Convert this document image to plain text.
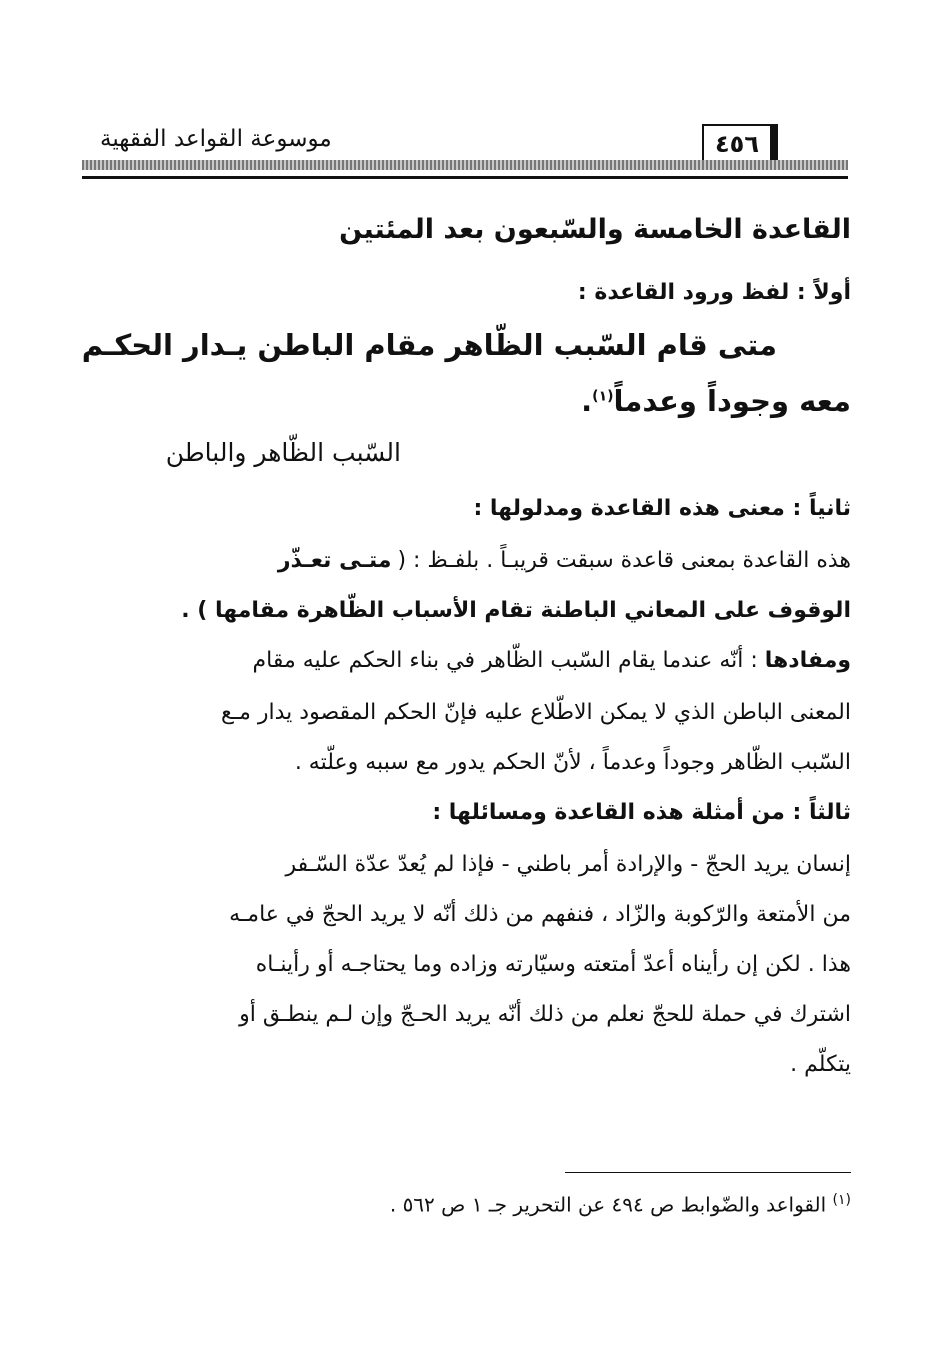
٤٥٦
موسوعة القواعد الفقهية
القاعدة الخامسة والسّبعون بعد المئتين
أولاً : لفظ ورود القاعدة :
متى قام السّبب الظّاهر مقام الباطن يـدار الحكـم
معه وجوداً وعدماً$^{(١)}$.
السّبب الظّاهر والباطن
ثانياً : معنى هذه القاعدة ومدلولها :
هذه القاعدة بمعنى قاعدة سبقت قريبـاً . بلفـظ : (متـى تعـذّر
الوقوف على المعاني الباطنة تقام الأسباب الظّاهرة مقامها ) .
ومفادها : أنّه عندما يقام السّبب الظّاهر في بناء الحكم عليه مقام
المعنى الباطن الذي لا يمكن الاطّلاع عليه فإنّ الحكم المقصود يدار مـع
السّبب الظّاهر وجوداً وعدماً ، لأنّ الحكم يدور مع سببه وعلّته .
ثالثاً : من أمثلة هذه القاعدة ومسائلها :
إنسان يريد الحجّ - والإرادة أمر باطني - فإذا لم يُعدّ عدّة السّـفر
من الأمتعة والرّكوبة والزّاد ، فنفهم من ذلك أنّه لا يريد الحجّ في عامـه
هذا . لكن إن رأيناه أعدّ أمتعته وسيّارته وزاده وما يحتاجـه أو رأينـاه
اشترك في حملة للحجّ نعلم من ذلك أنّه يريد الحـجّ وإن لـم ينطـق أو
يتكلّم .
$^{(١)}$ القواعد والضّوابط ص ٤٩٤ عن التحرير جـ ١ ص ٥٦٢ .
